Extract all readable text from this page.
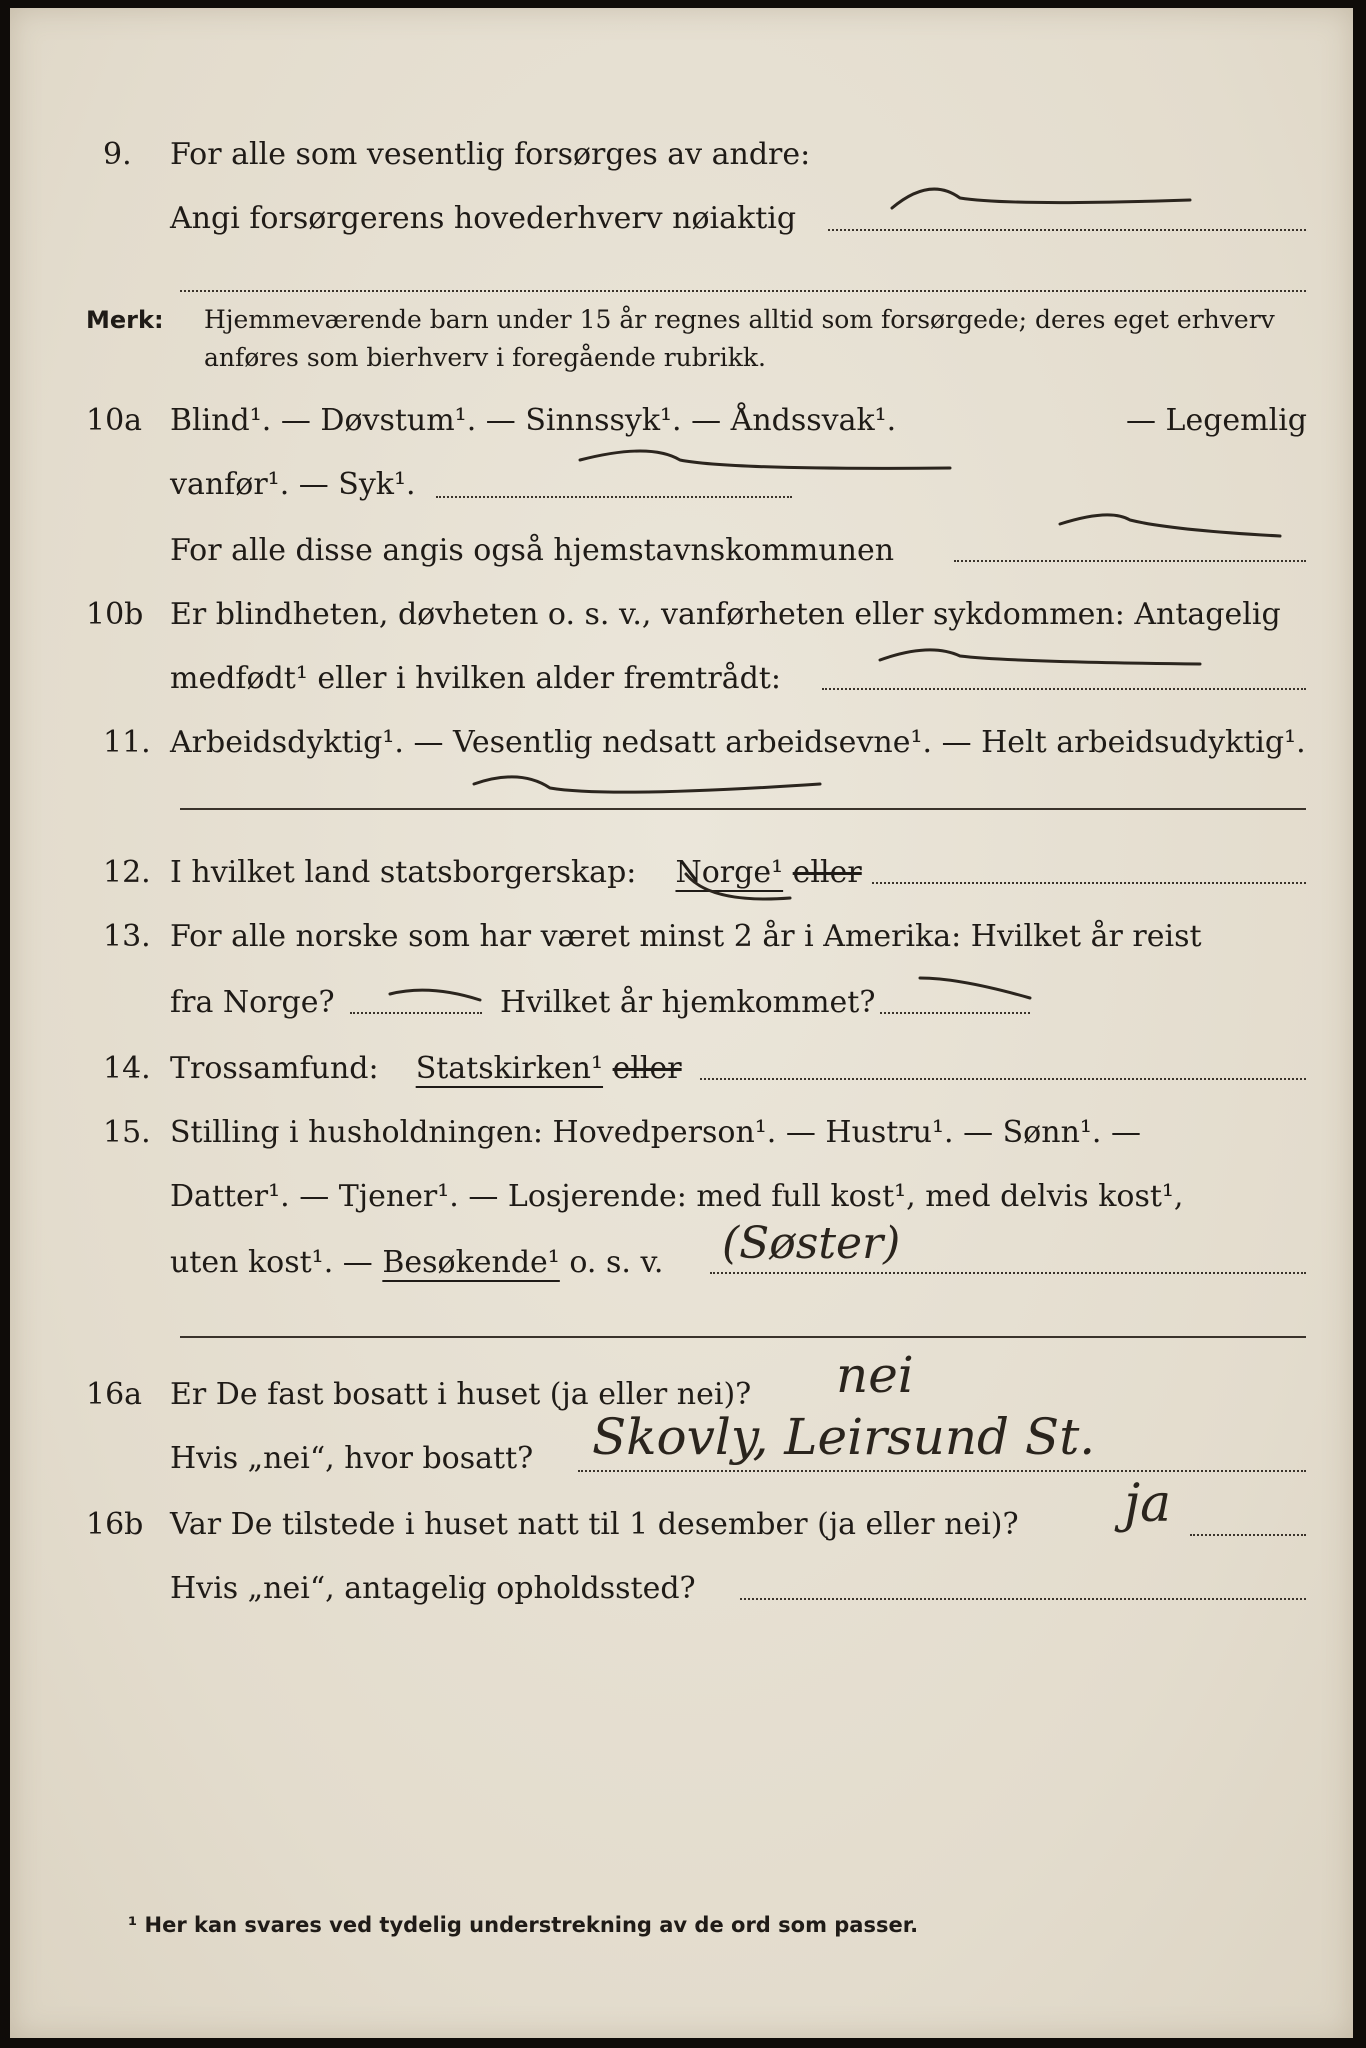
9. For alle som vesentlig forsørges av andre:
Angi forsørgerens hovederhverv nøiaktig
Merk: Hjemmeværende barn under 15 år regnes alltid som forsørgede; deres eget erhverv
anføres som bierhverv i foregående rubrikk.
10a Blind¹. — Døvstum¹. — Sinnssyk¹. — Åndssvak¹.	— Legemlig
vanfør¹. — Syk¹.
For alle disse angis også hjemstavnskommunen
10b Er blindheten, døvheten o. s. v., vanførheten eller sykdommen: Antagelig
medfødt¹ eller i hvilken alder fremtrådt:
11. Arbeidsdyktig¹. — Vesentlig nedsatt arbeidsevne¹. — Helt arbeidsudyktig¹.
12. I hvilket land statsborgerskap: Norge¹ eller
13. For alle norske som har været minst 2 år i Amerika: Hvilket år reist
fra Norge?	Hvilket år hjemkommet?
14. Trossamfund: Statskirken¹ eller
15. Stilling i husholdningen: Hovedperson¹. — Hustru¹. — Sønn¹. —
Datter¹. — Tjener¹. — Losjerende: med full kost¹, med delvis kost¹,
uten kost¹. — Besøkende¹ o. s. v. (Søster)
16a Er De fast bosatt i huset (ja eller nei)? nei
Hvis „nei“, hvor bosatt? Skovly, Leirsund St.
16b Var De tilstede i huset natt til 1 desember (ja eller nei)? ja
Hvis „nei“, antagelig opholdssted?
¹ Her kan svares ved tydelig understrekning av de ord som passer.
